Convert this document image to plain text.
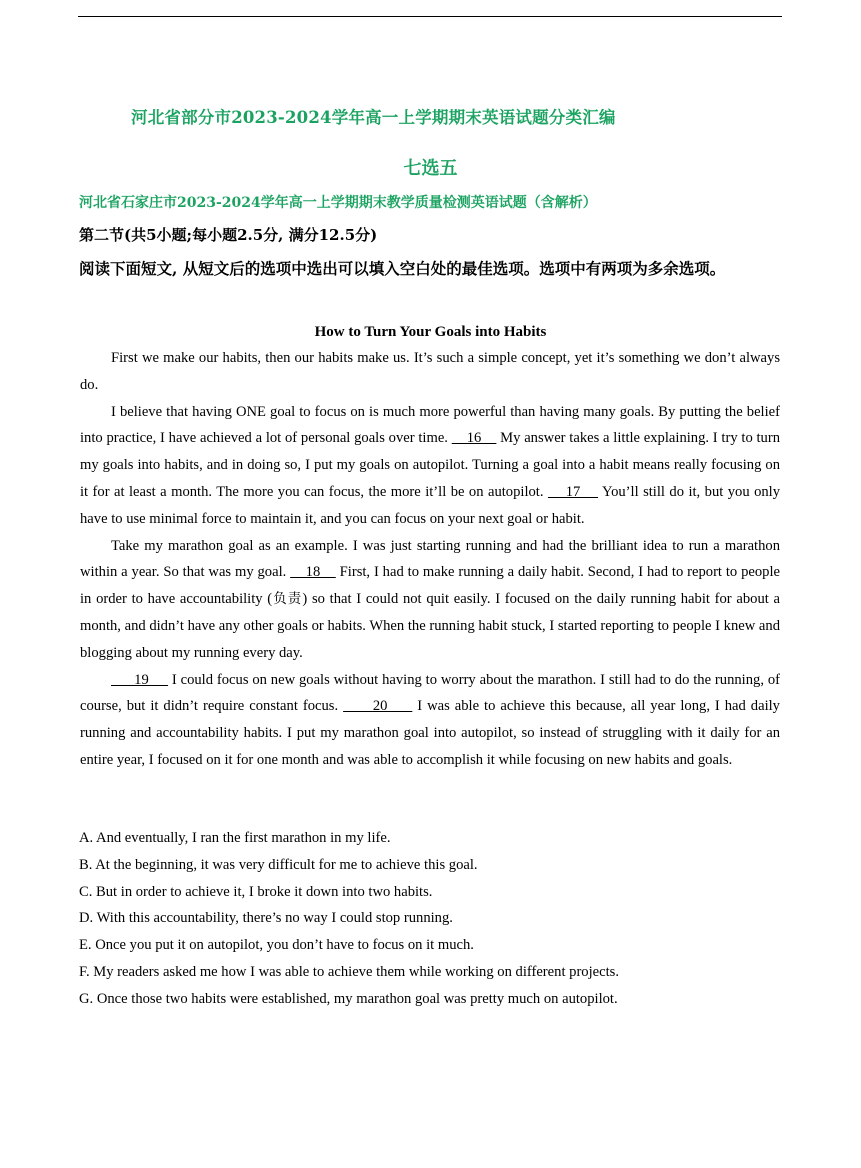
河北省部分市2023-2024学年高一上学期期末英语试题分类汇编
七选五
河北省石家庄市2023-2024学年高一上学期期末教学质量检测英语试题（含解析）
第二节(共5小题;每小题2.5分, 满分12.5分)
阅读下面短文, 从短文后的选项中选出可以填入空白处的最佳选项。选项中有两项为多余选项。
How to Turn Your Goals into Habits

First we make our habits, then our habits make us. It’s such a simple concept, yet it’s something we don’t always do.

I believe that having ONE goal to focus on is much more powerful than having many goals. By putting the belief into practice, I have achieved a lot of personal goals over time.     16     My answer takes a little explaining. I try to turn my goals into habits, and in doing so, I put my goals on autopilot. Turning a goal into a habit means really focusing on it for at least a month. The more you can focus, the more it’ll be on autopilot.     17     You’ll still do it, but you only have to use minimal force to maintain it, and you can focus on your next goal or habit.

Take my marathon goal as an example. I was just starting running and had the brilliant idea to run a marathon within a year. So that was my goal.     18     First, I had to make running a daily habit. Second, I had to report to people in order to have accountability (负责) so that I could not quit easily. I focused on the daily running habit for about a month, and didn’t have any other goals or habits. When the running habit stuck, I started reporting to people I knew and blogging about my running every day.

19      I could focus on new goals without having to worry about the marathon. I still had to do the running, of course, but it didn’t require constant focus.       20      I was able to achieve this because, all year long, I had daily running and accountability habits. I put my marathon goal into autopilot, so instead of struggling with it daily for an entire year, I focused on it for one month and was able to accomplish it while focusing on new habits and goals.

A. And eventually, I ran the first marathon in my life.
B. At the beginning, it was very difficult for me to achieve this goal.
C. But in order to achieve it, I broke it down into two habits.
D. With this accountability, there’s no way I could stop running.
E. Once you put it on autopilot, you don’t have to focus on it much.
F. My readers asked me how I was able to achieve them while working on different projects.
G. Once those two habits were established, my marathon goal was pretty much on autopilot.
